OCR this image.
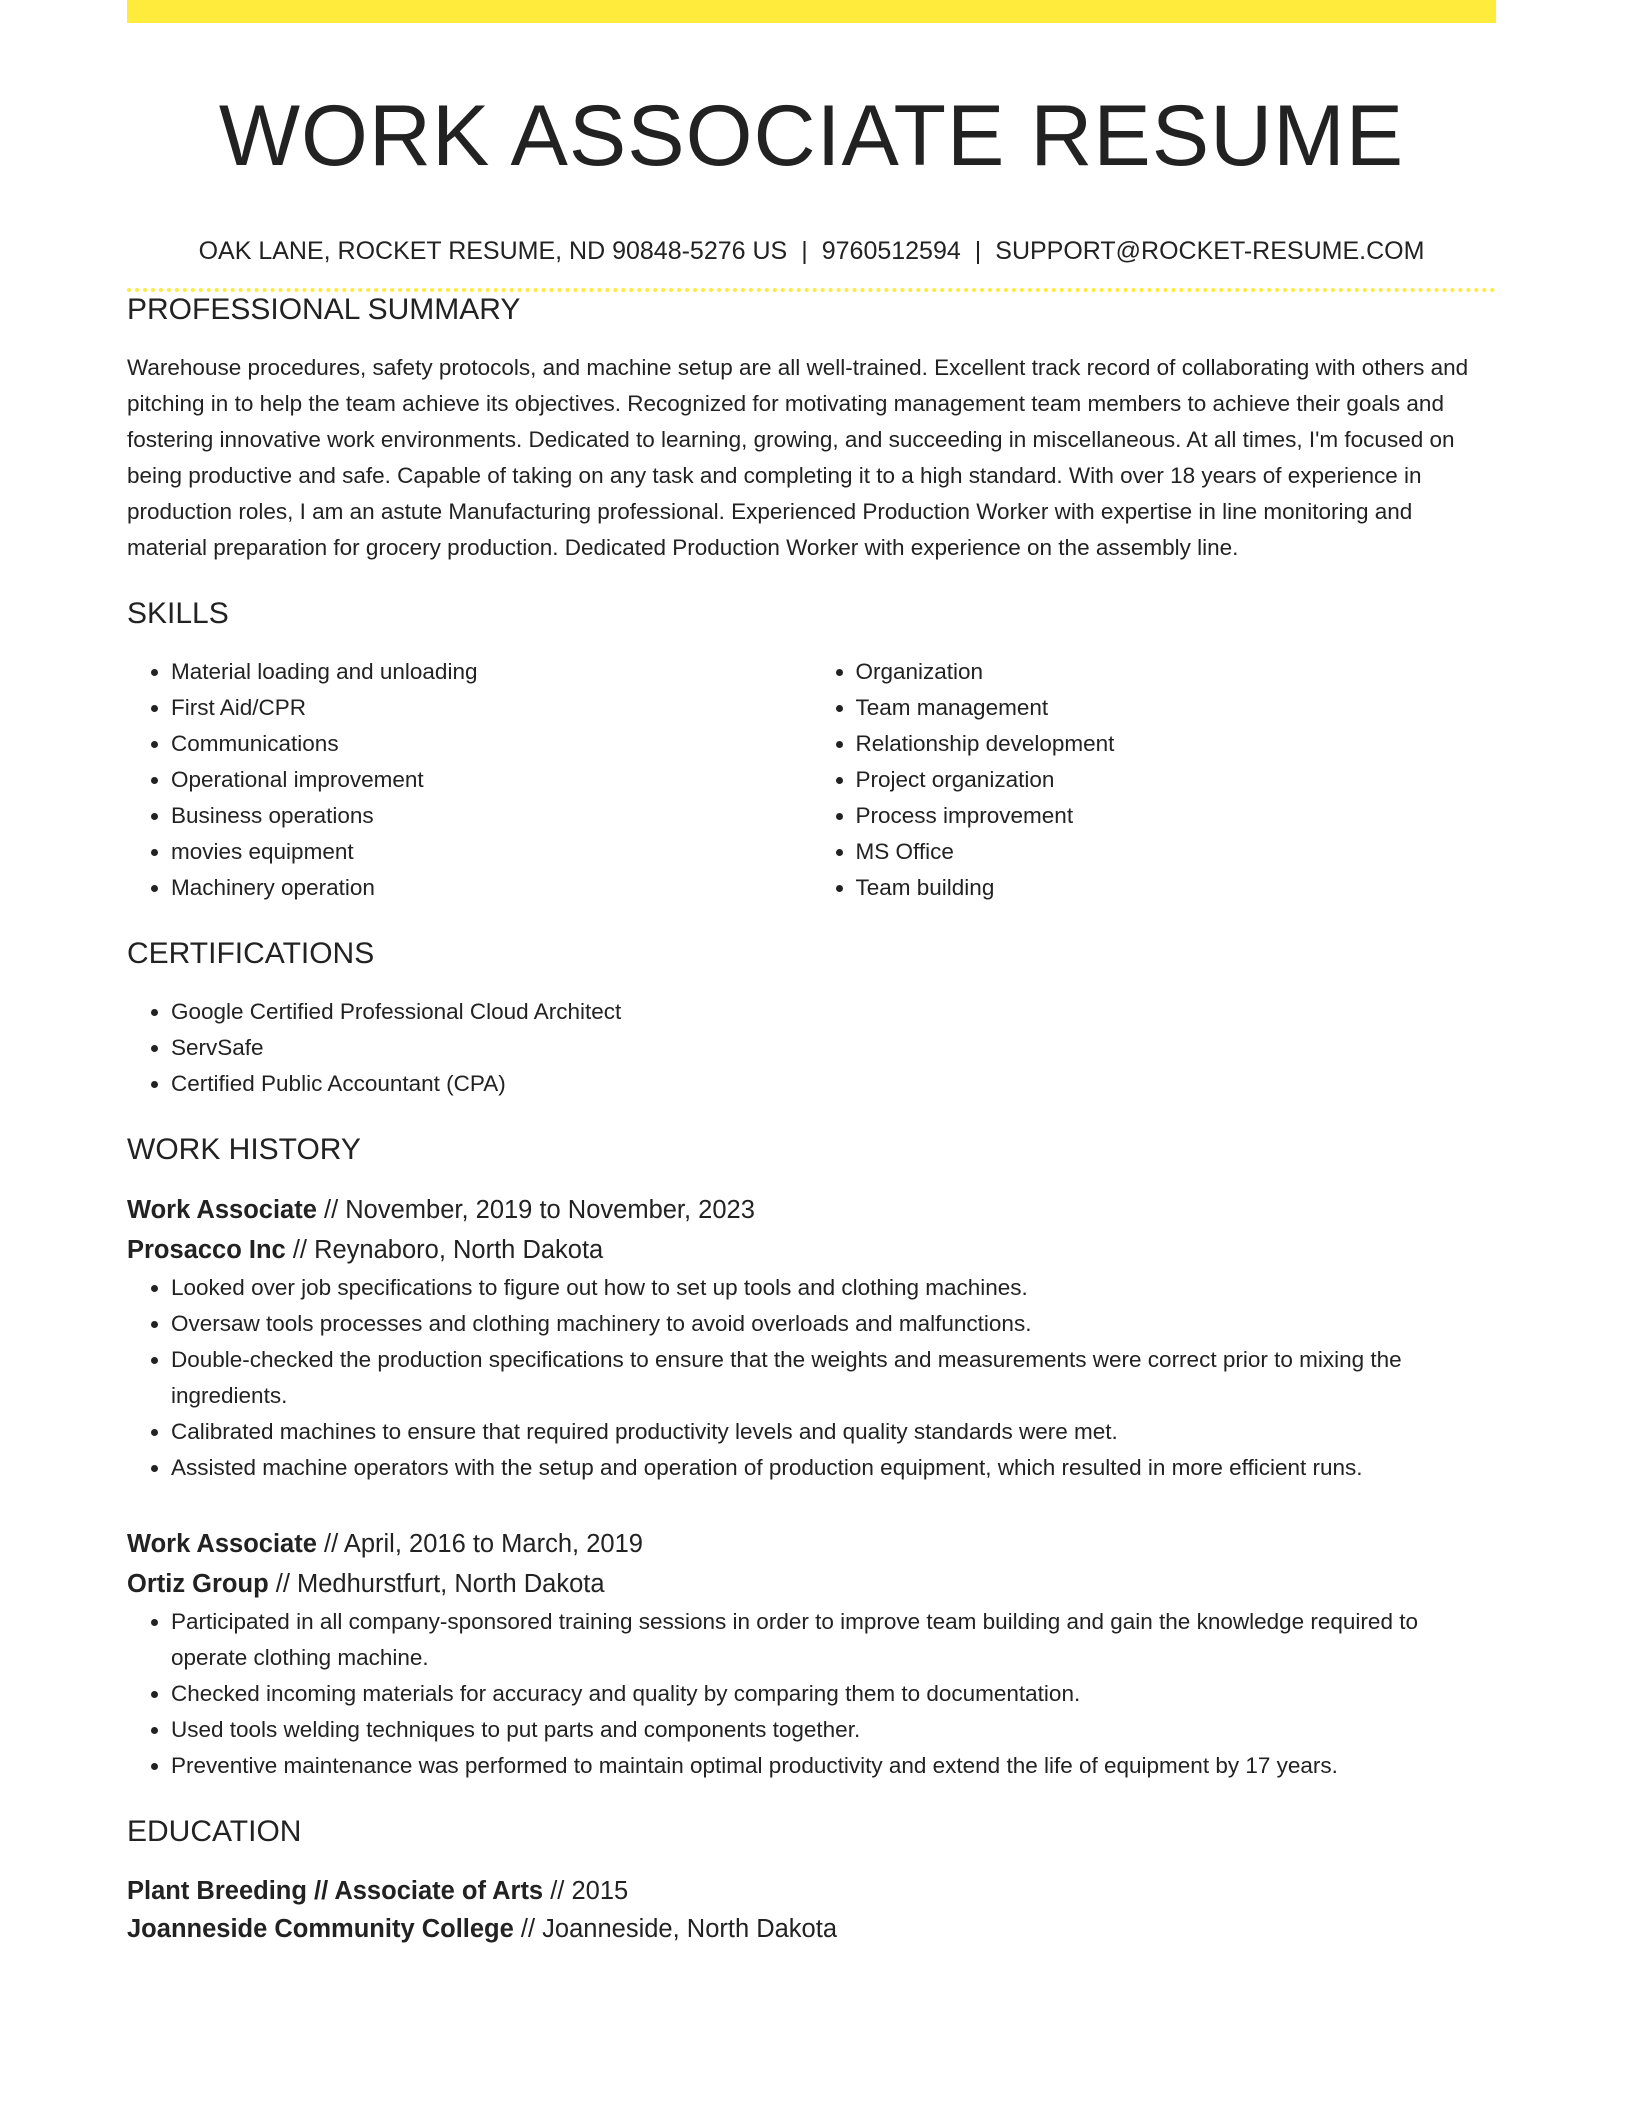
WORK ASSOCIATE RESUME
OAK LANE, ROCKET RESUME, ND 90848-5276 US | 9760512594 | SUPPORT@ROCKET-RESUME.COM
PROFESSIONAL SUMMARY
Warehouse procedures, safety protocols, and machine setup are all well-trained. Excellent track record of collaborating with others and pitching in to help the team achieve its objectives. Recognized for motivating management team members to achieve their goals and fostering innovative work environments. Dedicated to learning, growing, and succeeding in miscellaneous. At all times, I'm focused on being productive and safe. Capable of taking on any task and completing it to a high standard. With over 18 years of experience in production roles, I am an astute Manufacturing professional. Experienced Production Worker with expertise in line monitoring and material preparation for grocery production. Dedicated Production Worker with experience on the assembly line.
SKILLS
• Material loading and unloading
• First Aid/CPR
• Communications
• Operational improvement
• Business operations
• movies equipment
• Machinery operation
• Organization
• Team management
• Relationship development
• Project organization
• Process improvement
• MS Office
• Team building
CERTIFICATIONS
• Google Certified Professional Cloud Architect
• ServSafe
• Certified Public Accountant (CPA)
WORK HISTORY
Work Associate // November, 2019 to November, 2023
Prosacco Inc // Reynaboro, North Dakota
• Looked over job specifications to figure out how to set up tools and clothing machines.
• Oversaw tools processes and clothing machinery to avoid overloads and malfunctions.
• Double-checked the production specifications to ensure that the weights and measurements were correct prior to mixing the ingredients.
• Calibrated machines to ensure that required productivity levels and quality standards were met.
• Assisted machine operators with the setup and operation of production equipment, which resulted in more efficient runs.
Work Associate // April, 2016 to March, 2019
Ortiz Group // Medhurstfurt, North Dakota
• Participated in all company-sponsored training sessions in order to improve team building and gain the knowledge required to operate clothing machine.
• Checked incoming materials for accuracy and quality by comparing them to documentation.
• Used tools welding techniques to put parts and components together.
• Preventive maintenance was performed to maintain optimal productivity and extend the life of equipment by 17 years.
EDUCATION
Plant Breeding // Associate of Arts // 2015
Joanneside Community College // Joanneside, North Dakota
